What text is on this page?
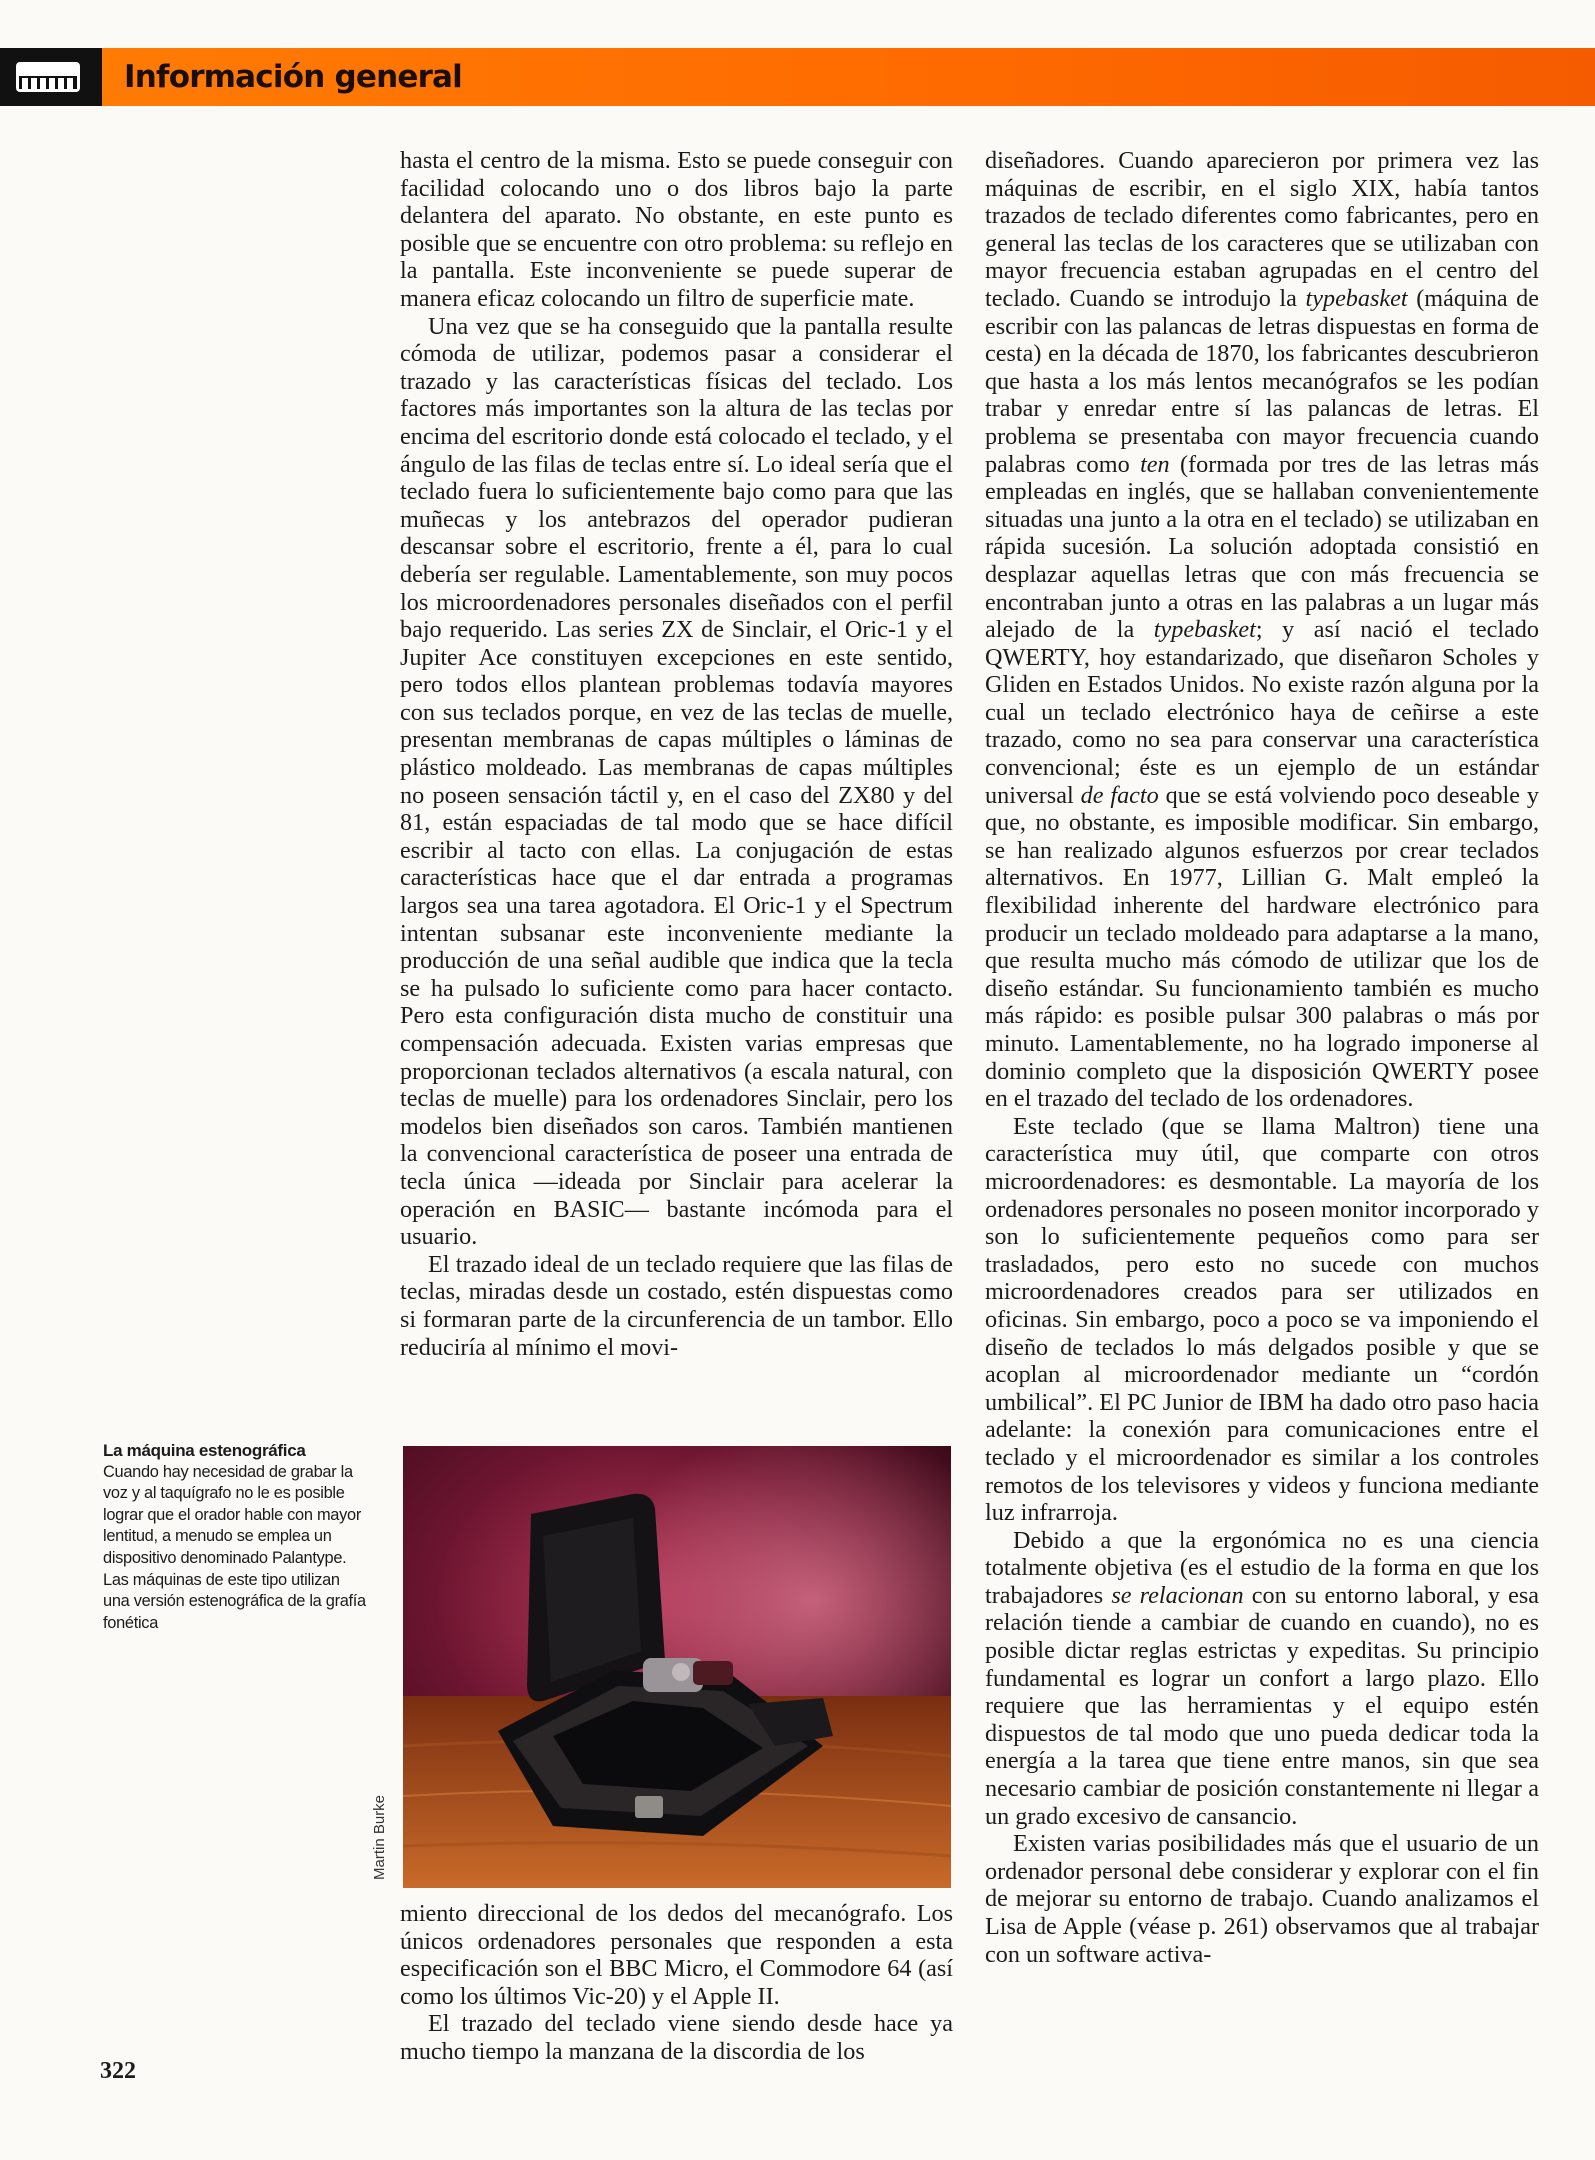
Información general

hasta el centro de la misma. Esto se puede conseguir con facilidad colocando uno o dos libros bajo la parte delantera del aparato. No obstante, en este punto es posible que se encuentre con otro problema: su reflejo en la pantalla. Este inconveniente se puede superar de manera eficaz colocando un filtro de superficie mate.

Una vez que se ha conseguido que la pantalla resulte cómoda de utilizar, podemos pasar a considerar el trazado y las características físicas del teclado. Los factores más importantes son la altura de las teclas por encima del escritorio donde está colocado el teclado, y el ángulo de las filas de teclas entre sí. Lo ideal sería que el teclado fuera lo suficientemente bajo como para que las muñecas y los antebrazos del operador pudieran descansar sobre el escritorio, frente a él, para lo cual debería ser regulable. Lamentablemente, son muy pocos los microordenadores personales diseñados con el perfil bajo requerido. Las series ZX de Sinclair, el Oric-1 y el Jupiter Ace constituyen excepciones en este sentido, pero todos ellos plantean problemas todavía mayores con sus teclados porque, en vez de las teclas de muelle, presentan membranas de capas múltiples o láminas de plástico moldeado. Las membranas de capas múltiples no poseen sensación táctil y, en el caso del ZX80 y del 81, están espaciadas de tal modo que se hace difícil escribir al tacto con ellas. La conjugación de estas características hace que el dar entrada a programas largos sea una tarea agotadora. El Oric-1 y el Spectrum intentan subsanar este inconveniente mediante la producción de una señal audible que indica que la tecla se ha pulsado lo suficiente como para hacer contacto. Pero esta configuración dista mucho de constituir una compensación adecuada. Existen varias empresas que proporcionan teclados alternativos (a escala natural, con teclas de muelle) para los ordenadores Sinclair, pero los modelos bien diseñados son caros. También mantienen la convencional característica de poseer una entrada de tecla única —ideada por Sinclair para acelerar la operación en BASIC— bastante incómoda para el usuario.

El trazado ideal de un teclado requiere que las filas de teclas, miradas desde un costado, estén dispuestas como si formaran parte de la circunferencia de un tambor. Ello reduciría al mínimo el movi-

Martin Burke
La máquina estenográfica
Cuando hay necesidad de grabar la voz y al taquígrafo no le es posible lograr que el orador hable con mayor lentitud, a menudo se emplea un dispositivo denominado Palantype. Las máquinas de este tipo utilizan una versión estenográfica de la grafía fonética

miento direccional de los dedos del mecanógrafo. Los únicos ordenadores personales que responden a esta especificación son el BBC Micro, el Commodore 64 (así como los últimos Vic-20) y el Apple II.

El trazado del teclado viene siendo desde hace ya mucho tiempo la manzana de la discordia de los

diseñadores. Cuando aparecieron por primera vez las máquinas de escribir, en el siglo XIX, había tantos trazados de teclado diferentes como fabricantes, pero en general las teclas de los caracteres que se utilizaban con mayor frecuencia estaban agrupadas en el centro del teclado. Cuando se introdujo la typebasket (máquina de escribir con las palancas de letras dispuestas en forma de cesta) en la década de 1870, los fabricantes descubrieron que hasta a los más lentos mecanógrafos se les podían trabar y enredar entre sí las palancas de letras. El problema se presentaba con mayor frecuencia cuando palabras como ten (formada por tres de las letras más empleadas en inglés, que se hallaban convenientemente situadas una junto a la otra en el teclado) se utilizaban en rápida sucesión. La solución adoptada consistió en desplazar aquellas letras que con más frecuencia se encontraban junto a otras en las palabras a un lugar más alejado de la typebasket; y así nació el teclado QWERTY, hoy estandarizado, que diseñaron Scholes y Gliden en Estados Unidos. No existe razón alguna por la cual un teclado electrónico haya de ceñirse a este trazado, como no sea para conservar una característica convencional; éste es un ejemplo de un estándar universal de facto que se está volviendo poco deseable y que, no obstante, es imposible modificar. Sin embargo, se han realizado algunos esfuerzos por crear teclados alternativos. En 1977, Lillian G. Malt empleó la flexibilidad inherente del hardware electrónico para producir un teclado moldeado para adaptarse a la mano, que resulta mucho más cómodo de utilizar que los de diseño estándar. Su funcionamiento también es mucho más rápido: es posible pulsar 300 palabras o más por minuto. Lamentablemente, no ha logrado imponerse al dominio completo que la disposición QWERTY posee en el trazado del teclado de los ordenadores.

Este teclado (que se llama Maltron) tiene una característica muy útil, que comparte con otros microordenadores: es desmontable. La mayoría de los ordenadores personales no poseen monitor incorporado y son lo suficientemente pequeños como para ser trasladados, pero esto no sucede con muchos microordenadores creados para ser utilizados en oficinas. Sin embargo, poco a poco se va imponiendo el diseño de teclados lo más delgados posible y que se acoplan al microordenador mediante un “cordón umbilical”. El PC Junior de IBM ha dado otro paso hacia adelante: la conexión para comunicaciones entre el teclado y el microordenador es similar a los controles remotos de los televisores y videos y funciona mediante luz infrarroja.

Debido a que la ergonómica no es una ciencia totalmente objetiva (es el estudio de la forma en que los trabajadores se relacionan con su entorno laboral, y esa relación tiende a cambiar de cuando en cuando), no es posible dictar reglas estrictas y expeditas. Su principio fundamental es lograr un confort a largo plazo. Ello requiere que las herramientas y el equipo estén dispuestos de tal modo que uno pueda dedicar toda la energía a la tarea que tiene entre manos, sin que sea necesario cambiar de posición constantemente ni llegar a un grado excesivo de cansancio.

Existen varias posibilidades más que el usuario de un ordenador personal debe considerar y explorar con el fin de mejorar su entorno de trabajo. Cuando analizamos el Lisa de Apple (véase p. 261) observamos que al trabajar con un software activa-

322
